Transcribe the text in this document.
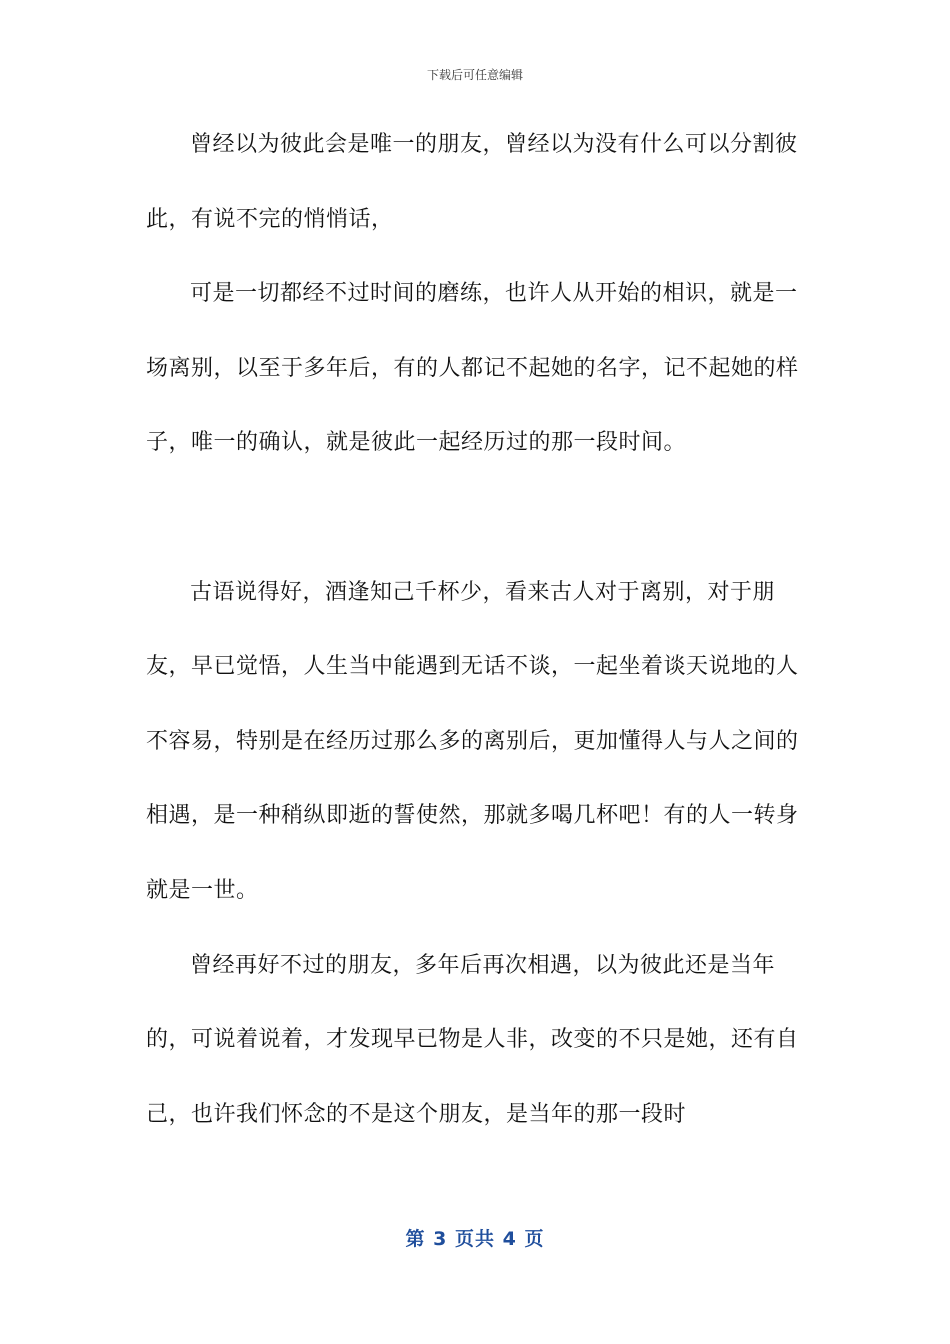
下载后可任意编辑

曾经以为彼此会是唯一的朋友，曾经以为没有什么可以分割彼此，有说不完的悄悄话，

可是一切都经不过时间的磨练，也许人从开始的相识，就是一场离别，以至于多年后，有的人都记不起她的名字，记不起她的样子，唯一的确认，就是彼此一起经历过的那一段时间。

古语说得好，酒逢知己千杯少，看来古人对于离别，对于朋友，早已觉悟，人生当中能遇到无话不谈，一起坐着谈天说地的人不容易，特别是在经历过那么多的离别后，更加懂得人与人之间的相遇，是一种稍纵即逝的誓使然，那就多喝几杯吧！有的人一转身就是一世。

曾经再好不过的朋友，多年后再次相遇，以为彼此还是当年的，可说着说着，才发现早已物是人非，改变的不只是她，还有自己，也许我们怀念的不是这个朋友，是当年的那一段时

第 3 页共 4 页
